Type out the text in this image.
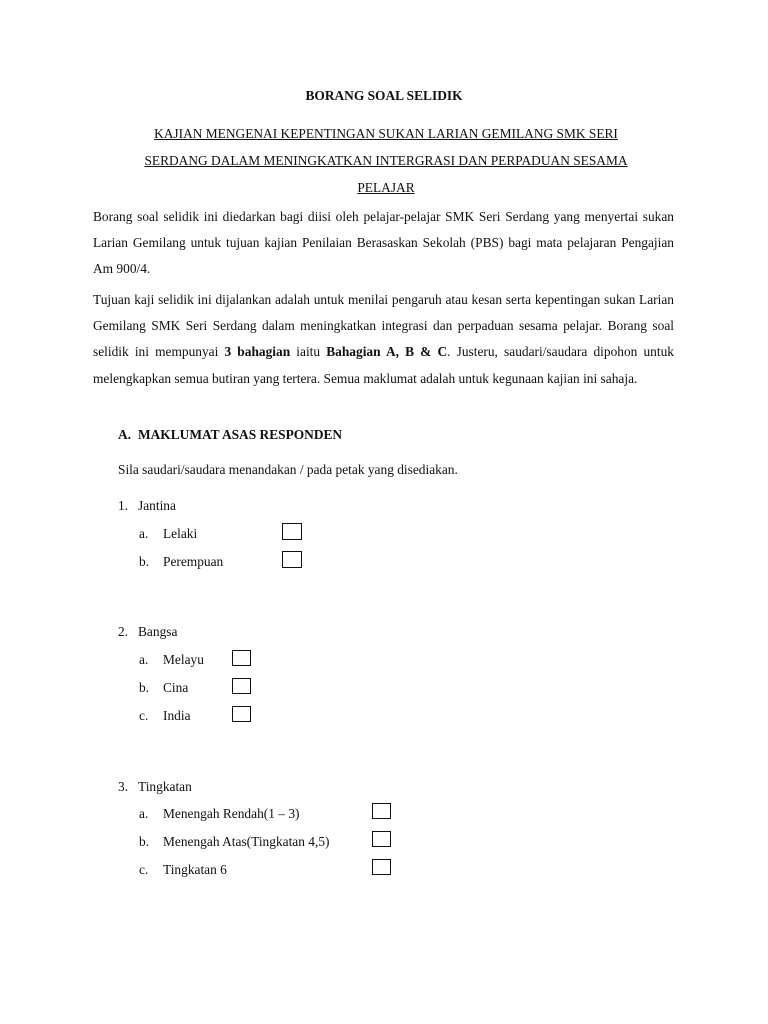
BORANG SOAL SELIDIK
KAJIAN MENGENAI KEPENTINGAN SUKAN LARIAN GEMILANG SMK SERI
SERDANG DALAM MENINGKATKAN INTERGRASI DAN PERPADUAN SESAMA
PELAJAR
Borang soal selidik ini diedarkan bagi diisi oleh pelajar-pelajar SMK Seri Serdang yang menyertai sukan Larian Gemilang untuk tujuan kajian Penilaian Berasaskan Sekolah (PBS) bagi mata pelajaran Pengajian Am 900/4.
Tujuan kaji selidik ini dijalankan adalah untuk menilai pengaruh atau kesan serta kepentingan sukan Larian Gemilang SMK Seri Serdang dalam meningkatkan integrasi dan perpaduan sesama pelajar. Borang soal selidik ini mempunyai 3 bahagian iaitu Bahagian A, B & C. Justeru, saudari/saudara dipohon untuk melengkapkan semua butiran yang tertera. Semua maklumat adalah untuk kegunaan kajian ini sahaja.
A. MAKLUMAT ASAS RESPONDEN
Sila saudari/saudara menandakan / pada petak yang disediakan.
1. Jantina
a. Lelaki
b. Perempuan
2. Bangsa
a. Melayu
b. Cina
c. India
3. Tingkatan
a. Menengah Rendah(1 – 3)
b. Menengah Atas(Tingkatan 4,5)
c. Tingkatan 6
